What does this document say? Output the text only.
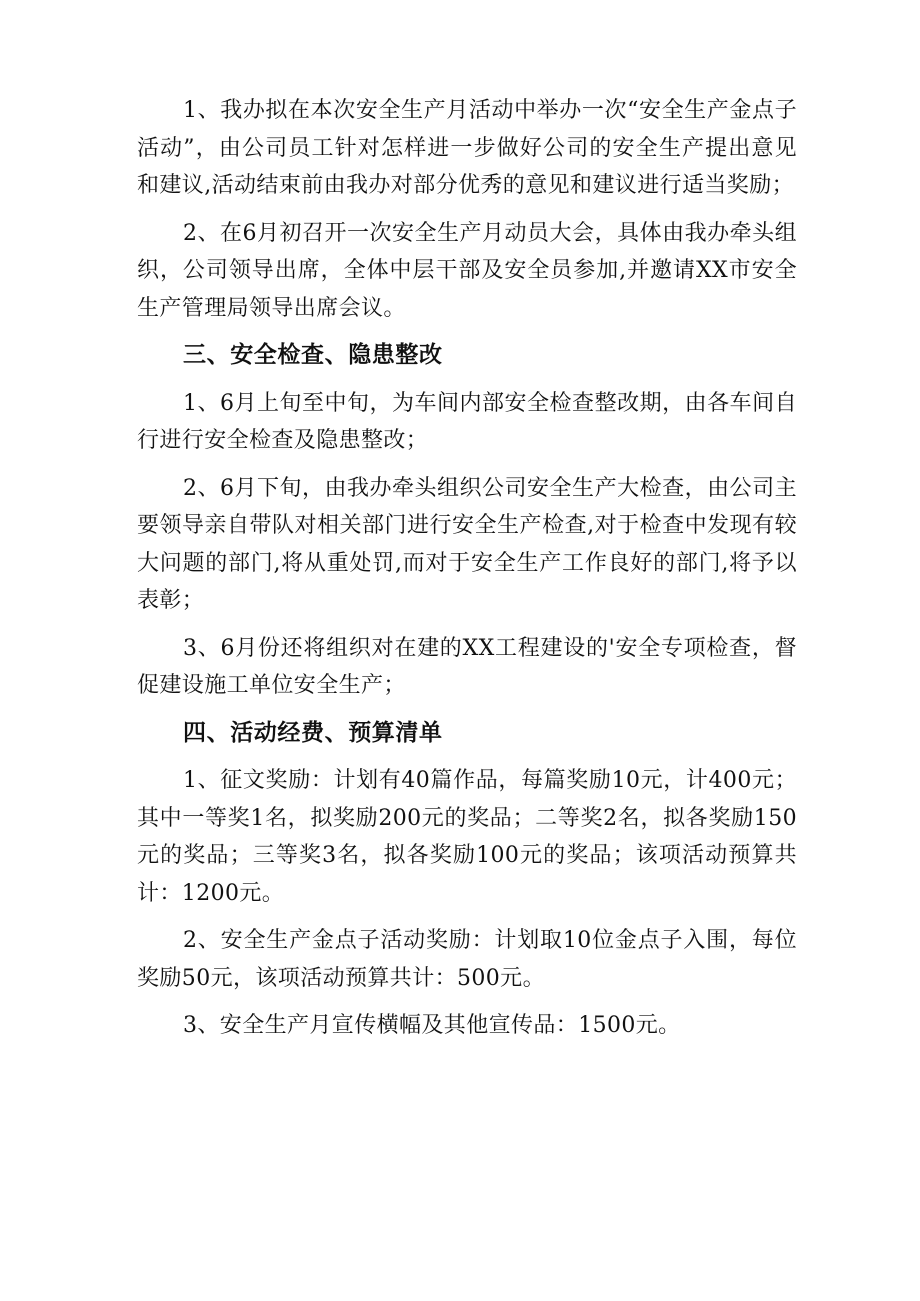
1、我办拟在本次安全生产月活动中举办一次“安全生产金点子活动”，由公司员工针对怎样进一步做好公司的安全生产提出意见和建议,活动结束前由我办对部分优秀的意见和建议进行适当奖励；

2、在6月初召开一次安全生产月动员大会，具体由我办牵头组织，公司领导出席，全体中层干部及安全员参加,并邀请XX市安全生产管理局领导出席会议。

三、安全检查、隐患整改

1、6月上旬至中旬，为车间内部安全检查整改期，由各车间自行进行安全检查及隐患整改；

2、6月下旬，由我办牵头组织公司安全生产大检查，由公司主要领导亲自带队对相关部门进行安全生产检查,对于检查中发现有较大问题的部门,将从重处罚,而对于安全生产工作良好的部门,将予以表彰；

3、6月份还将组织对在建的XX工程建设的'安全专项检查，督促建设施工单位安全生产；

四、活动经费、预算清单

1、征文奖励：计划有40篇作品，每篇奖励10元，计400元；其中一等奖1名，拟奖励200元的奖品；二等奖2名，拟各奖励150元的奖品；三等奖3名，拟各奖励100元的奖品；该项活动预算共计：1200元。

2、安全生产金点子活动奖励：计划取10位金点子入围，每位奖励50元，该项活动预算共计：500元。

3、安全生产月宣传横幅及其他宣传品：1500元。
